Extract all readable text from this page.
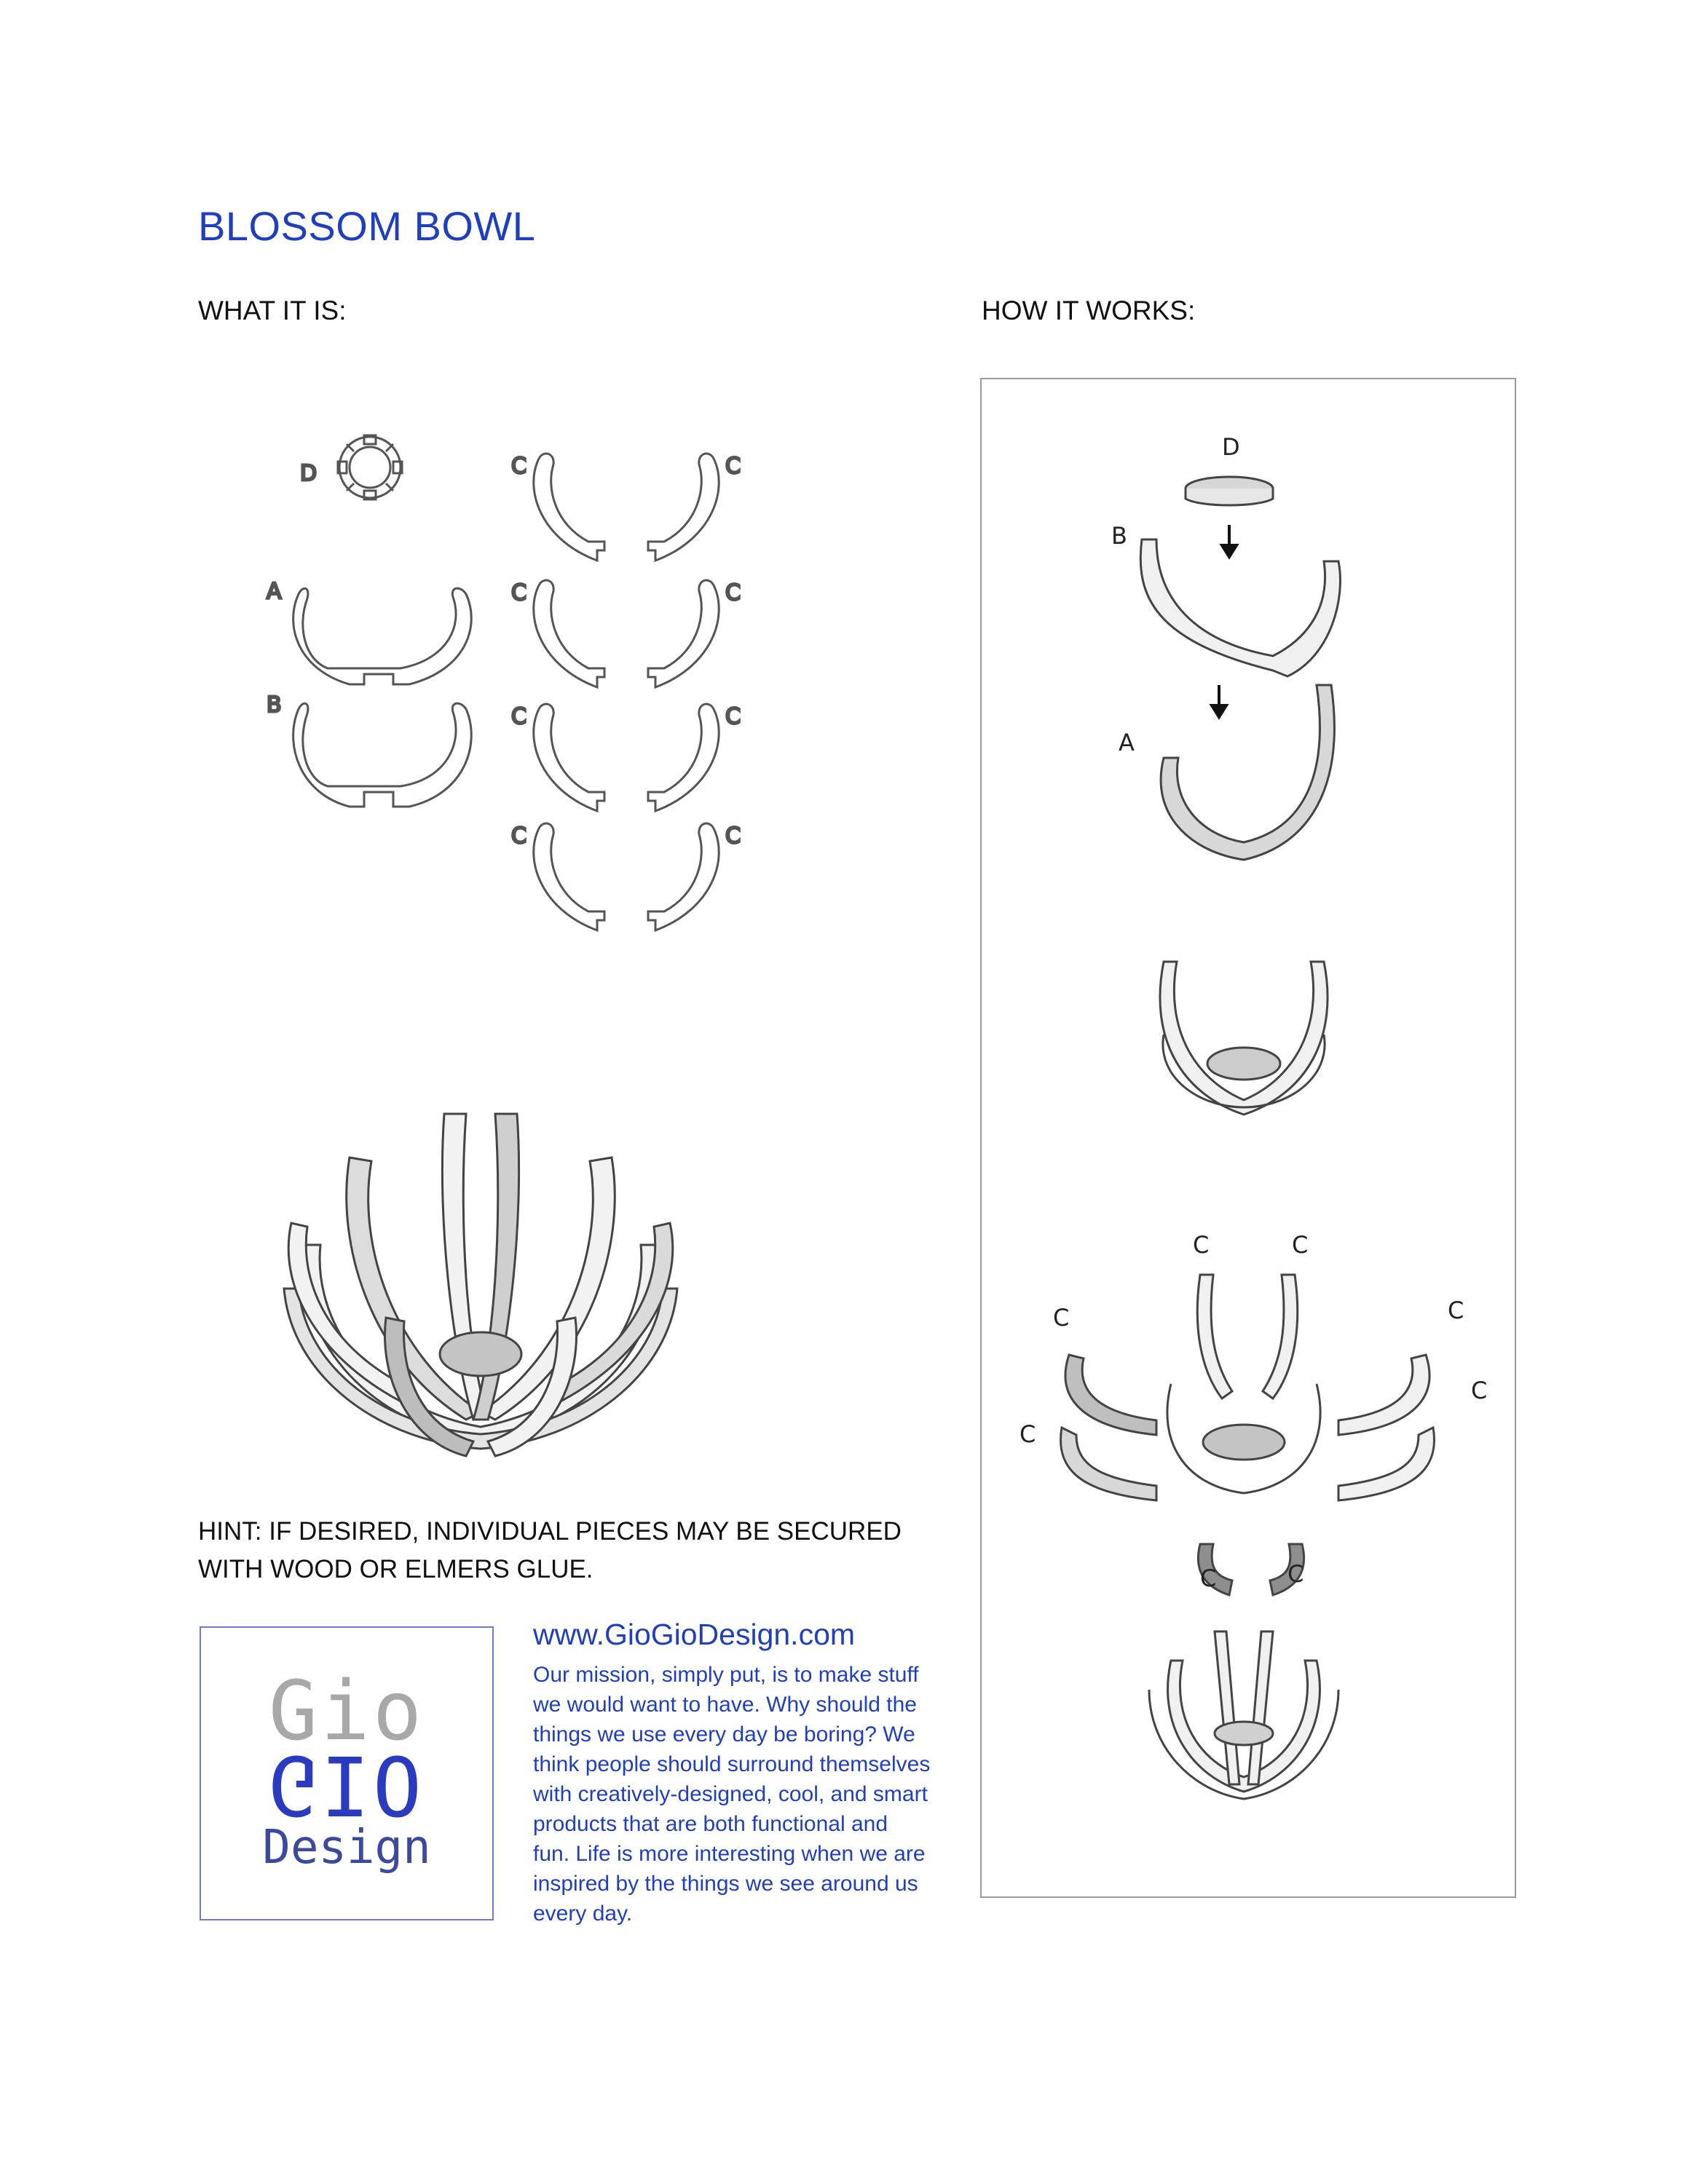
BLOSSOM BOWL
WHAT IT IS:	HOW IT WORKS:
D
A
B
C	C
C	C
C	C
C	C
HINT: IF DESIRED, INDIVIDUAL PIECES MAY BE SECURED
WITH WOOD OR ELMERS GLUE.
Gio
GIO
Design
www.GioGioDesign.com
Our mission, simply put, is to make stuff
we would want to have. Why should the
things we use every day be boring? We
think people should surround themselves
with creatively-designed, cool, and smart
products that are both functional and
fun. Life is more interesting when we are
inspired by the things we see around us
every day.
D
B
A
C	C
C	C
C
C
C	C
